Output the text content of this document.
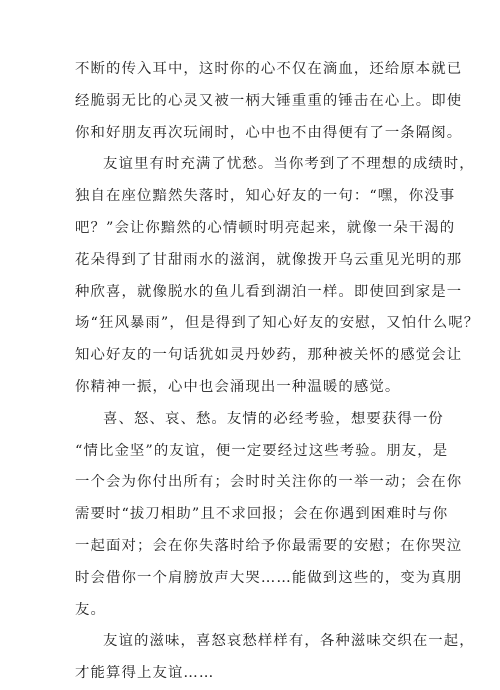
不断的传入耳中，这时你的心不仅在滴血，还给原本就已
经脆弱无比的心灵又被一柄大锤重重的锤击在心上。即使
你和好朋友再次玩闹时，心中也不由得便有了一条隔阂。
友谊里有时充满了忧愁。当你考到了不理想的成绩时，
独自在座位黯然失落时，知心好友的一句：“嘿，你没事
吧？”会让你黯然的心情顿时明亮起来，就像一朵干渴的
花朵得到了甘甜雨水的滋润，就像拨开乌云重见光明的那
种欣喜，就像脱水的鱼儿看到湖泊一样。即使回到家是一
场“狂风暴雨”，但是得到了知心好友的安慰，又怕什么呢？
知心好友的一句话犹如灵丹妙药，那种被关怀的感觉会让
你精神一振，心中也会涌现出一种温暖的感觉。
喜、怒、哀、愁。友情的必经考验，想要获得一份
“情比金坚”的友谊，便一定要经过这些考验。朋友，是
一个会为你付出所有；会时时关注你的一举一动；会在你
需要时“拔刀相助”且不求回报；会在你遇到困难时与你
一起面对；会在你失落时给予你最需要的安慰；在你哭泣
时会借你一个肩膀放声大哭……能做到这些的，变为真朋
友。
友谊的滋味，喜怒哀愁样样有，各种滋味交织在一起，
才能算得上友谊……
